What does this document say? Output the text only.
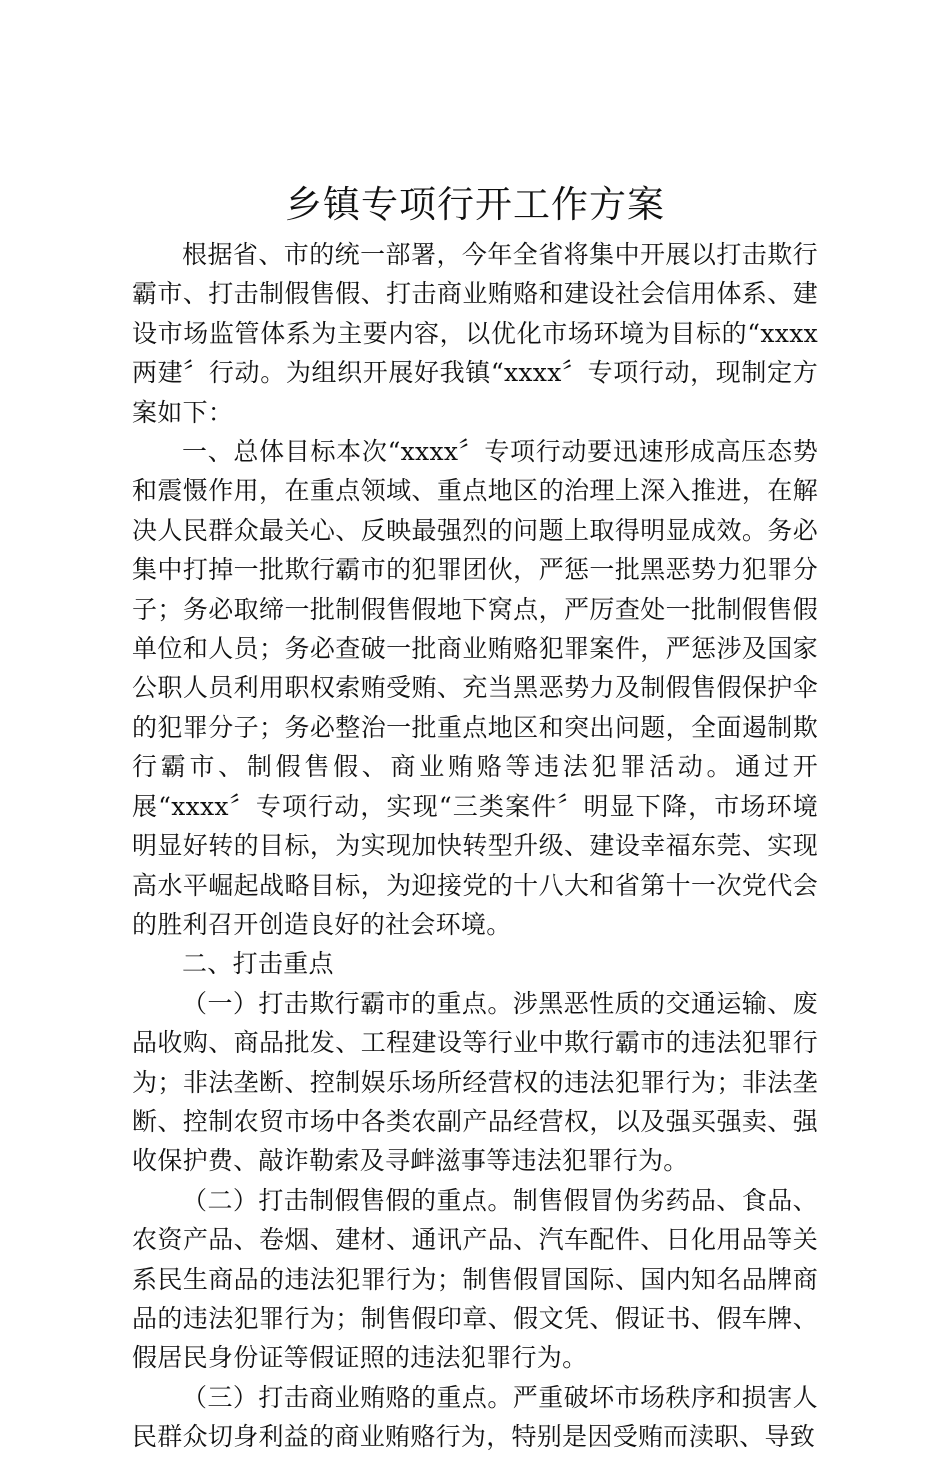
乡镇专项行开工作方案

根据省、市的统一部署，今年全省将集中开展以打击欺行霸市、打击制假售假、打击商业贿赂和建设社会信用体系、建设市场监管体系为主要内容，以优化市场环境为目标的“xxxx两建〞行动。为组织开展好我镇“xxxx〞专项行动，现制定方案如下：

一、总体目标本次“xxxx〞专项行动要迅速形成高压态势和震慑作用，在重点领域、重点地区的治理上深入推进，在解决人民群众最关心、反映最强烈的问题上取得明显成效。务必集中打掉一批欺行霸市的犯罪团伙，严惩一批黑恶势力犯罪分子；务必取缔一批制假售假地下窝点，严厉查处一批制假售假单位和人员；务必查破一批商业贿赂犯罪案件，严惩涉及国家公职人员利用职权索贿受贿、充当黑恶势力及制假售假保护伞的犯罪分子；务必整治一批重点地区和突出问题，全面遏制欺行霸市、制假售假、商业贿赂等违法犯罪活动。通过开展“xxxx〞专项行动，实现“三类案件〞明显下降，市场环境明显好转的目标，为实现加快转型升级、建设幸福东莞、实现高水平崛起战略目标，为迎接党的十八大和省第十一次党代会的胜利召开创造良好的社会环境。

二、打击重点

（一）打击欺行霸市的重点。涉黑恶性质的交通运输、废品收购、商品批发、工程建设等行业中欺行霸市的违法犯罪行为；非法垄断、控制娱乐场所经营权的违法犯罪行为；非法垄断、控制农贸市场中各类农副产品经营权，以及强买强卖、强收保护费、敲诈勒索及寻衅滋事等违法犯罪行为。

（二）打击制假售假的重点。制售假冒伪劣药品、食品、农资产品、卷烟、建材、通讯产品、汽车配件、日化用品等关系民生商品的违法犯罪行为；制售假冒国际、国内知名品牌商品的违法犯罪行为；制售假印章、假文凭、假证书、假车牌、假居民身份证等假证照的违法犯罪行为。

（三）打击商业贿赂的重点。严重破坏市场秩序和损害人民群众切身利益的商业贿赂行为，特别是因受贿而渎职、导致
